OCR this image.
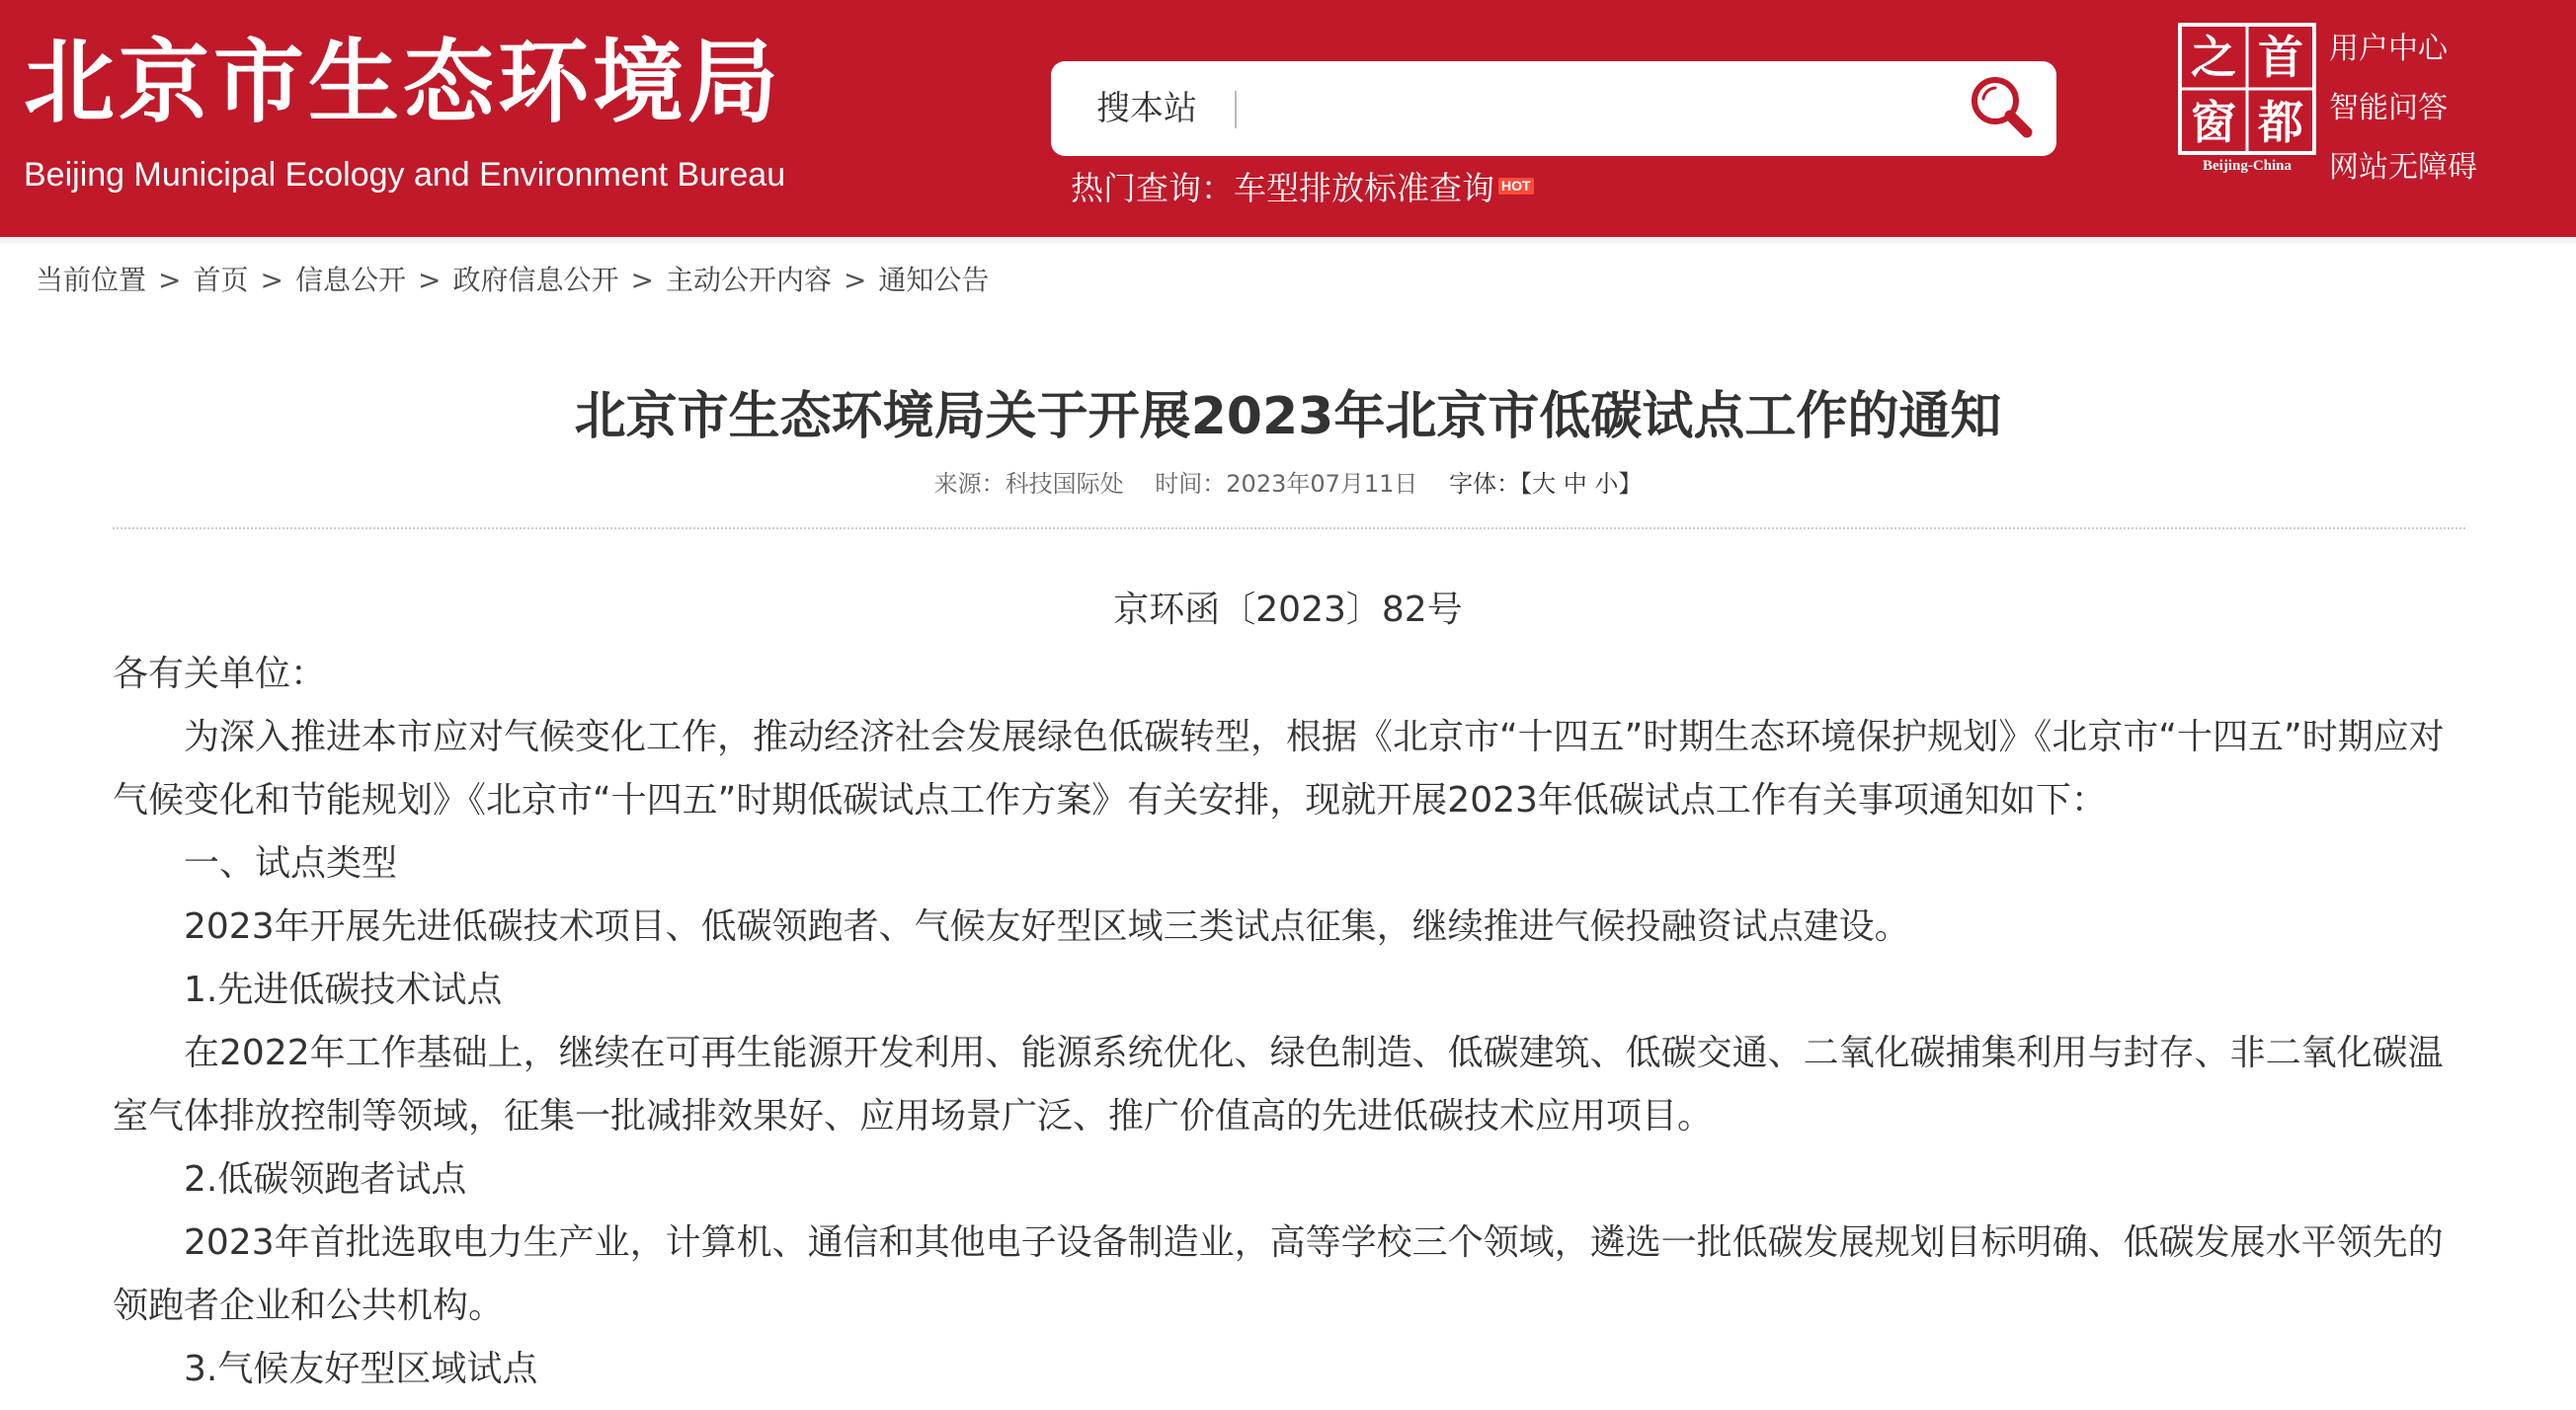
北京市生态环境局
Beijing Municipal Ecology and Environment Bureau
搜本站
热门查询：车型排放标准查询 HOT
之 首
窗 都
Beijing-China
用户中心
智能问答
网站无障碍
当前位置 > 首页 > 信息公开 > 政府信息公开 > 主动公开内容 > 通知公告
北京市生态环境局关于开展2023年北京市低碳试点工作的通知
来源：科技国际处 时间：2023年07月11日 字体：【大 中 小】
京环函〔2023〕82号
各有关单位：
为深入推进本市应对气候变化工作，推动经济社会发展绿色低碳转型，根据《北京市“十四五”时期生态环境保护规划》《北京市“十四五”时期应对气候变化和节能规划》《北京市“十四五”时期低碳试点工作方案》有关安排，现就开展2023年低碳试点工作有关事项通知如下：
一、试点类型
2023年开展先进低碳技术项目、低碳领跑者、气候友好型区域三类试点征集，继续推进气候投融资试点建设。
1.先进低碳技术试点
在2022年工作基础上，继续在可再生能源开发利用、能源系统优化、绿色制造、低碳建筑、低碳交通、二氧化碳捕集利用与封存、非二氧化碳温室气体排放控制等领域，征集一批减排效果好、应用场景广泛、推广价值高的先进低碳技术应用项目。
2.低碳领跑者试点
2023年首批选取电力生产业，计算机、通信和其他电子设备制造业，高等学校三个领域，遴选一批低碳发展规划目标明确、低碳发展水平领先的领跑者企业和公共机构。
3.气候友好型区域试点
